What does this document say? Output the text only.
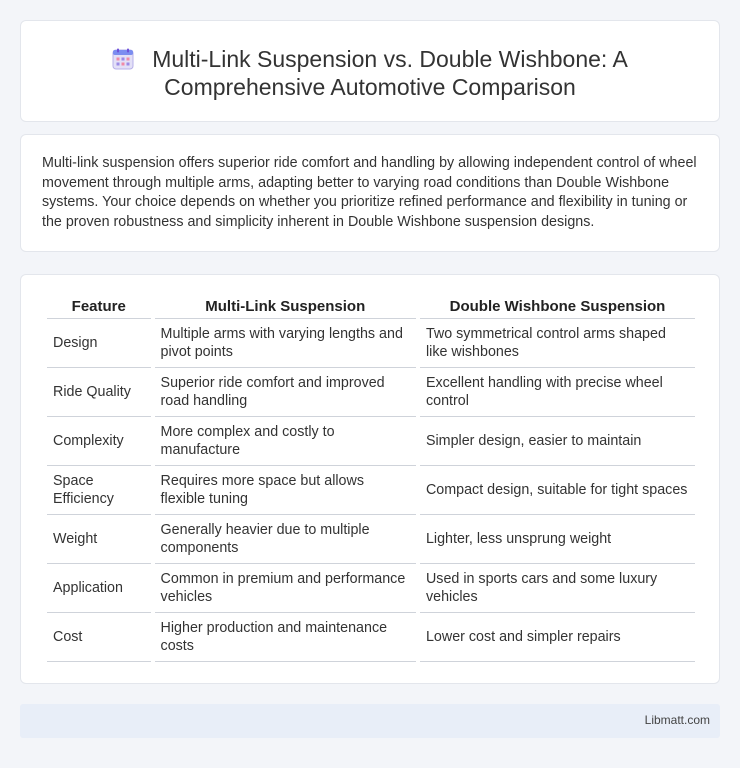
Multi-Link Suspension vs. Double Wishbone: A
Comprehensive Automotive Comparison

Multi-link suspension offers superior ride comfort and handling by allowing independent control of wheel movement through multiple arms, adapting better to varying road conditions than Double Wishbone systems. Your choice depends on whether you prioritize refined performance and flexibility in tuning or the proven robustness and simplicity inherent in Double Wishbone suspension designs.

Feature	Multi-Link Suspension	Double Wishbone Suspension
Design	Multiple arms with varying lengths and pivot points	Two symmetrical control arms shaped like wishbones
Ride Quality	Superior ride comfort and improved road handling	Excellent handling with precise wheel control
Complexity	More complex and costly to manufacture	Simpler design, easier to maintain
Space Efficiency	Requires more space but allows flexible tuning	Compact design, suitable for tight spaces
Weight	Generally heavier due to multiple components	Lighter, less unsprung weight
Application	Common in premium and performance vehicles	Used in sports cars and some luxury vehicles
Cost	Higher production and maintenance costs	Lower cost and simpler repairs
Libmatt.com
